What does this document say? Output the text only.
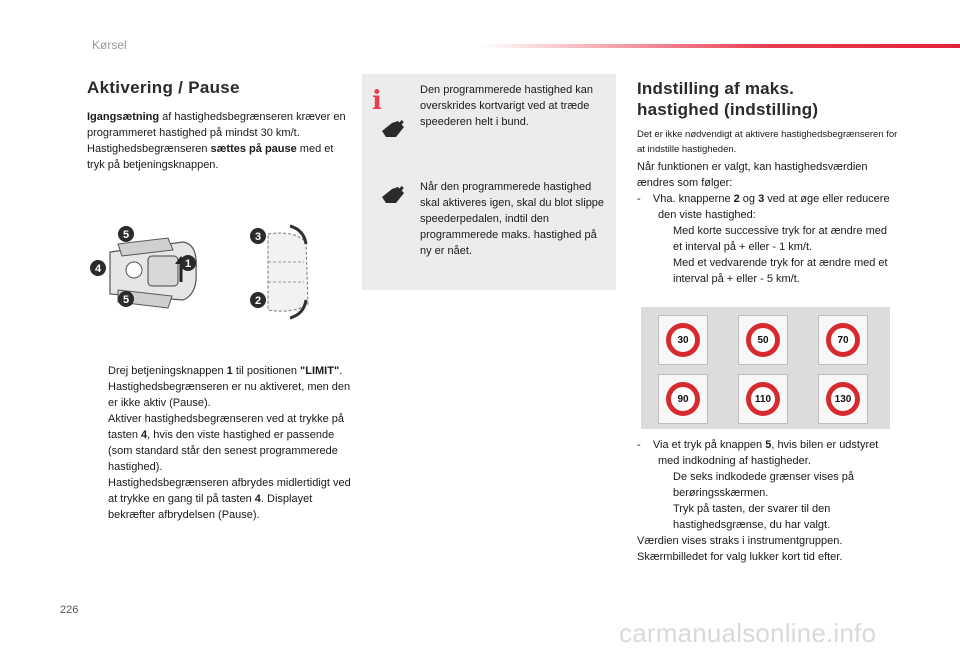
Kørsel
Aktivering / Pause
Igangsætning af hastighedsbegrænseren kræver en programmeret hastighed på mindst 30 km/t. Hastighedsbegrænseren sættes på pause med et tryk på betjeningsknappen.
5
4	1
5
3
2
Drej betjeningsknappen 1 til positionen "LIMIT". Hastighedsbegrænseren er nu aktiveret, men den er ikke aktiv (Pause).
Aktiver hastighedsbegrænseren ved at trykke på tasten 4, hvis den viste hastighed er passende (som standard står den senest programmerede hastighed).
Hastighedsbegrænseren afbrydes midlertidigt ved at trykke en gang til på tasten 4. Displayet bekræfter afbrydelsen (Pause).
i	Den programmerede hastighed kan overskrides kortvarigt ved at træde speederen helt i bund.
Når den programmerede hastighed skal aktiveres igen, skal du blot slippe speederpedalen, indtil den programmerede maks. hastighed på ny er nået.
Indstilling af maks.
hastighed (indstilling)
Det er ikke nødvendigt at aktivere hastighedsbegrænseren for at indstille hastigheden.
Når funktionen er valgt, kan hastighedsværdien ændres som følger:
-    Vha. knapperne 2 og 3 ved at øge eller reducere den viste hastighed:
Med korte successive tryk for at ændre med et interval på + eller - 1 km/t.
Med et vedvarende tryk for at ændre med et interval på + eller - 5 km/t.
30	50	70
90	110	130
-    Via et tryk på knappen 5, hvis bilen er udstyret med indkodning af hastigheder.
De seks indkodede grænser vises på berøringsskærmen.
Tryk på tasten, der svarer til den hastighedsgrænse, du har valgt.
Værdien vises straks i instrumentgruppen.
Skærmbilledet for valg lukker kort tid efter.
226
carmanualsonline.info
